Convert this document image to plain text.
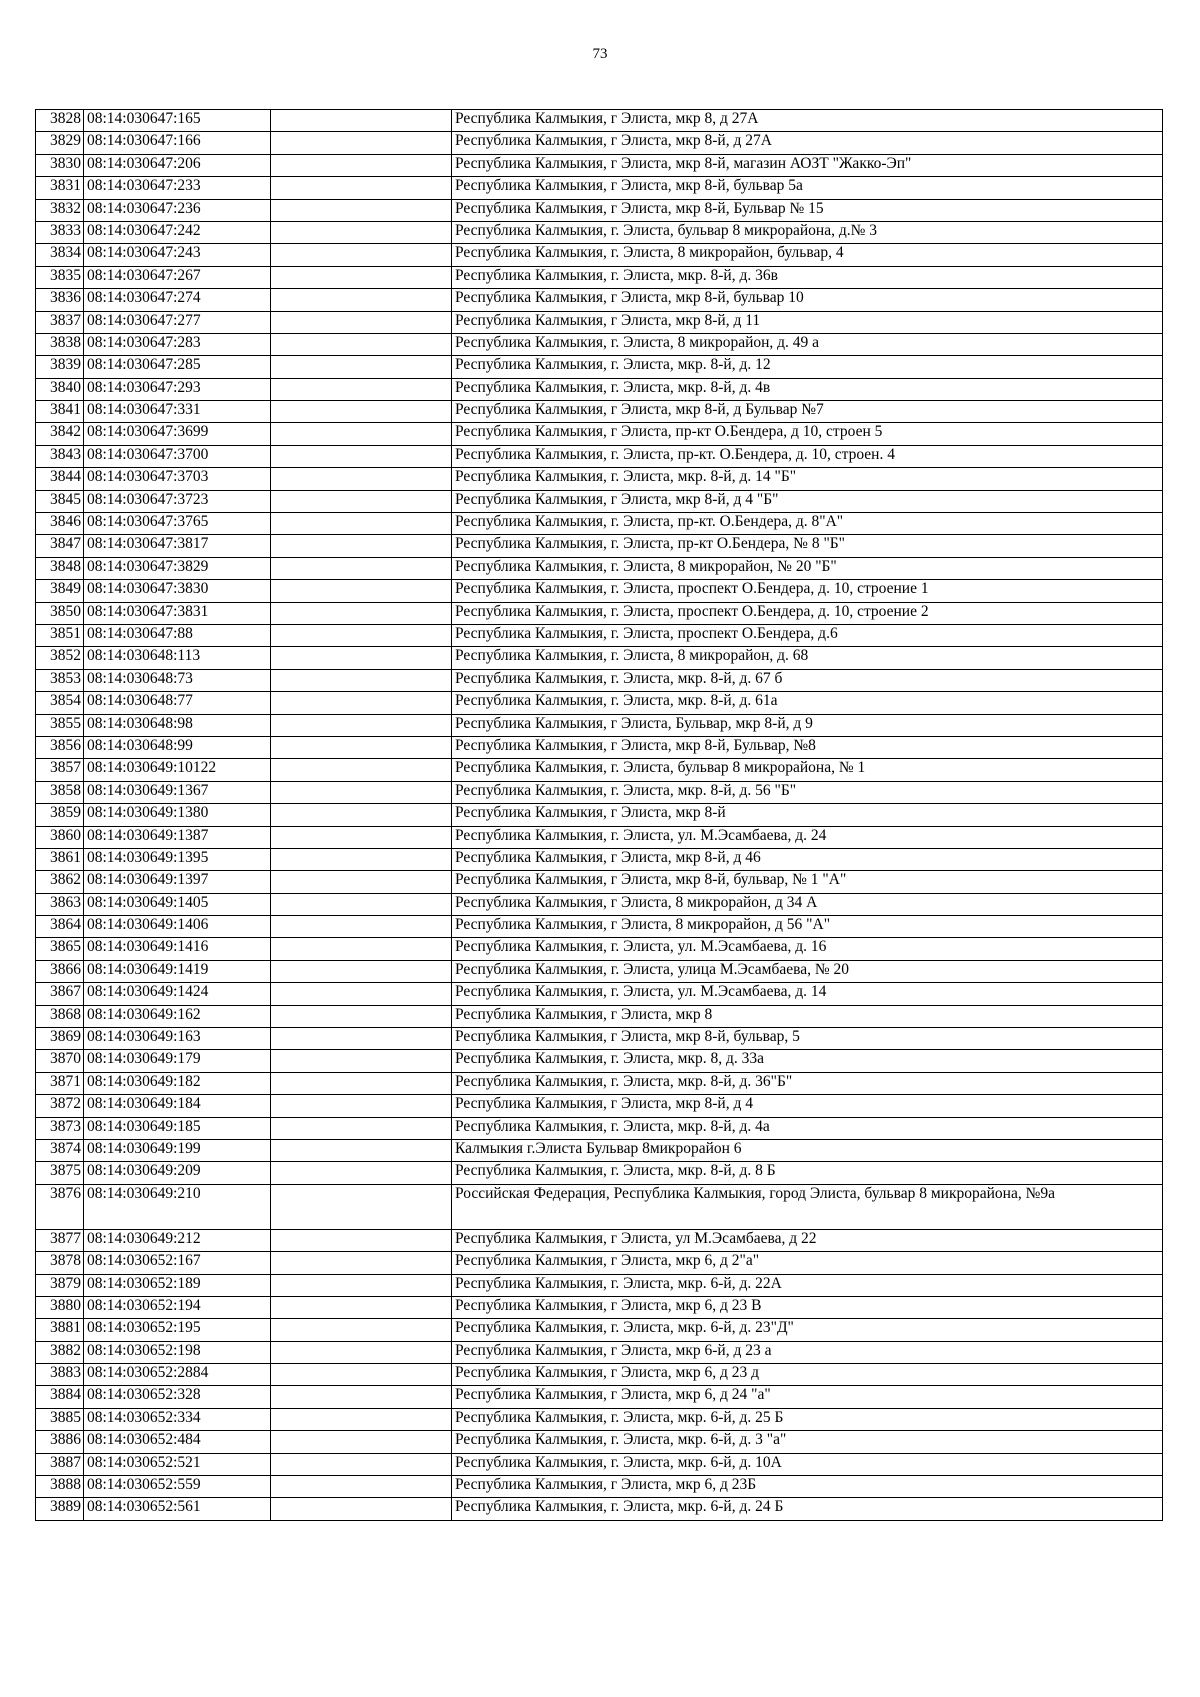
73
3828	08:14:030647:165		Республика Калмыкия, г Элиста, мкр 8, д 27А
3829	08:14:030647:166		Республика Калмыкия, г Элиста, мкр 8-й, д 27А
3830	08:14:030647:206		Республика Калмыкия, г Элиста, мкр 8-й, магазин АОЗТ "Жакко-Эп"
3831	08:14:030647:233		Республика Калмыкия, г Элиста, мкр 8-й, бульвар 5а
3832	08:14:030647:236		Республика Калмыкия, г Элиста, мкр 8-й, Бульвар № 15
3833	08:14:030647:242		Республика Калмыкия, г. Элиста, бульвар 8 микрорайона, д.№ 3
3834	08:14:030647:243		Республика Калмыкия, г. Элиста, 8 микрорайон, бульвар, 4
3835	08:14:030647:267		Республика Калмыкия, г. Элиста, мкр. 8-й, д. 36в
3836	08:14:030647:274		Республика Калмыкия, г Элиста, мкр 8-й, бульвар 10
3837	08:14:030647:277		Республика Калмыкия, г Элиста, мкр 8-й, д 11
3838	08:14:030647:283		Республика Калмыкия, г. Элиста, 8 микрорайон, д. 49 а
3839	08:14:030647:285		Республика Калмыкия, г. Элиста, мкр. 8-й, д. 12
3840	08:14:030647:293		Республика Калмыкия, г. Элиста, мкр. 8-й, д. 4в
3841	08:14:030647:331		Республика Калмыкия, г Элиста, мкр 8-й, д Бульвар №7
3842	08:14:030647:3699		Республика Калмыкия, г Элиста, пр-кт О.Бендера, д 10, строен 5
3843	08:14:030647:3700		Республика Калмыкия, г. Элиста, пр-кт. О.Бендера, д. 10, строен. 4
3844	08:14:030647:3703		Республика Калмыкия, г. Элиста, мкр. 8-й, д. 14 "Б"
3845	08:14:030647:3723		Республика Калмыкия, г Элиста, мкр 8-й, д 4 "Б"
3846	08:14:030647:3765		Республика Калмыкия, г. Элиста, пр-кт. О.Бендера, д. 8"А"
3847	08:14:030647:3817		Республика Калмыкия, г. Элиста, пр-кт О.Бендера, № 8 "Б"
3848	08:14:030647:3829		Республика Калмыкия, г. Элиста, 8 микрорайон, № 20 "Б"
3849	08:14:030647:3830		Республика Калмыкия, г. Элиста, проспект О.Бендера, д. 10, строение 1
3850	08:14:030647:3831		Республика Калмыкия, г. Элиста, проспект О.Бендера, д. 10, строение 2
3851	08:14:030647:88		Республика Калмыкия, г. Элиста, проспект О.Бендера, д.6
3852	08:14:030648:113		Республика Калмыкия, г. Элиста, 8 микрорайон, д. 68
3853	08:14:030648:73		Республика Калмыкия, г. Элиста, мкр. 8-й, д. 67 б
3854	08:14:030648:77		Республика Калмыкия, г. Элиста, мкр. 8-й, д. 61а
3855	08:14:030648:98		Республика Калмыкия, г Элиста, Бульвар, мкр 8-й, д 9
3856	08:14:030648:99		Республика Калмыкия, г Элиста, мкр 8-й, Бульвар, №8
3857	08:14:030649:10122		Республика Калмыкия, г. Элиста, бульвар 8 микрорайона, № 1
3858	08:14:030649:1367		Республика Калмыкия, г. Элиста, мкр. 8-й, д. 56 "Б"
3859	08:14:030649:1380		Республика Калмыкия, г Элиста, мкр 8-й
3860	08:14:030649:1387		Республика Калмыкия, г. Элиста, ул. М.Эсамбаева, д. 24
3861	08:14:030649:1395		Республика Калмыкия, г Элиста, мкр 8-й, д 46
3862	08:14:030649:1397		Республика Калмыкия, г Элиста, мкр 8-й, бульвар, № 1 "А"
3863	08:14:030649:1405		Республика Калмыкия, г Элиста, 8 микрорайон, д 34 А
3864	08:14:030649:1406		Республика Калмыкия, г Элиста, 8 микрорайон, д 56 "А"
3865	08:14:030649:1416		Республика Калмыкия, г. Элиста, ул. М.Эсамбаева, д. 16
3866	08:14:030649:1419		Республика Калмыкия, г. Элиста, улица М.Эсамбаева, № 20
3867	08:14:030649:1424		Республика Калмыкия, г. Элиста, ул. М.Эсамбаева, д. 14
3868	08:14:030649:162		Республика Калмыкия, г Элиста, мкр 8
3869	08:14:030649:163		Республика Калмыкия, г Элиста, мкр 8-й, бульвар, 5
3870	08:14:030649:179		Республика Калмыкия, г. Элиста, мкр. 8, д. 33а
3871	08:14:030649:182		Республика Калмыкия, г. Элиста, мкр. 8-й, д. 36"Б"
3872	08:14:030649:184		Республика Калмыкия, г Элиста, мкр 8-й, д 4
3873	08:14:030649:185		Республика Калмыкия, г. Элиста, мкр. 8-й, д. 4а
3874	08:14:030649:199		Калмыкия г.Элиста Бульвар 8микрорайон 6
3875	08:14:030649:209		Республика Калмыкия, г. Элиста, мкр. 8-й, д. 8 Б
3876	08:14:030649:210		Российская Федерация, Республика Калмыкия, город Элиста, бульвар 8 микрорайона, №9а
3877	08:14:030649:212		Республика Калмыкия, г Элиста, ул М.Эсамбаева, д 22
3878	08:14:030652:167		Республика Калмыкия, г Элиста, мкр 6, д 2"а"
3879	08:14:030652:189		Республика Калмыкия, г. Элиста, мкр. 6-й, д. 22А
3880	08:14:030652:194		Республика Калмыкия, г Элиста, мкр 6, д 23 В
3881	08:14:030652:195		Республика Калмыкия, г. Элиста, мкр. 6-й, д. 23"Д"
3882	08:14:030652:198		Республика Калмыкия, г Элиста, мкр 6-й, д 23 а
3883	08:14:030652:2884		Республика Калмыкия, г Элиста, мкр 6, д 23 д
3884	08:14:030652:328		Республика Калмыкия, г Элиста, мкр 6, д 24 "а"
3885	08:14:030652:334		Республика Калмыкия, г. Элиста, мкр. 6-й, д. 25 Б
3886	08:14:030652:484		Республика Калмыкия, г. Элиста, мкр. 6-й, д. 3 "а"
3887	08:14:030652:521		Республика Калмыкия, г. Элиста, мкр. 6-й, д. 10А
3888	08:14:030652:559		Республика Калмыкия, г Элиста, мкр 6, д 23Б
3889	08:14:030652:561		Республика Калмыкия, г. Элиста, мкр. 6-й, д. 24 Б
